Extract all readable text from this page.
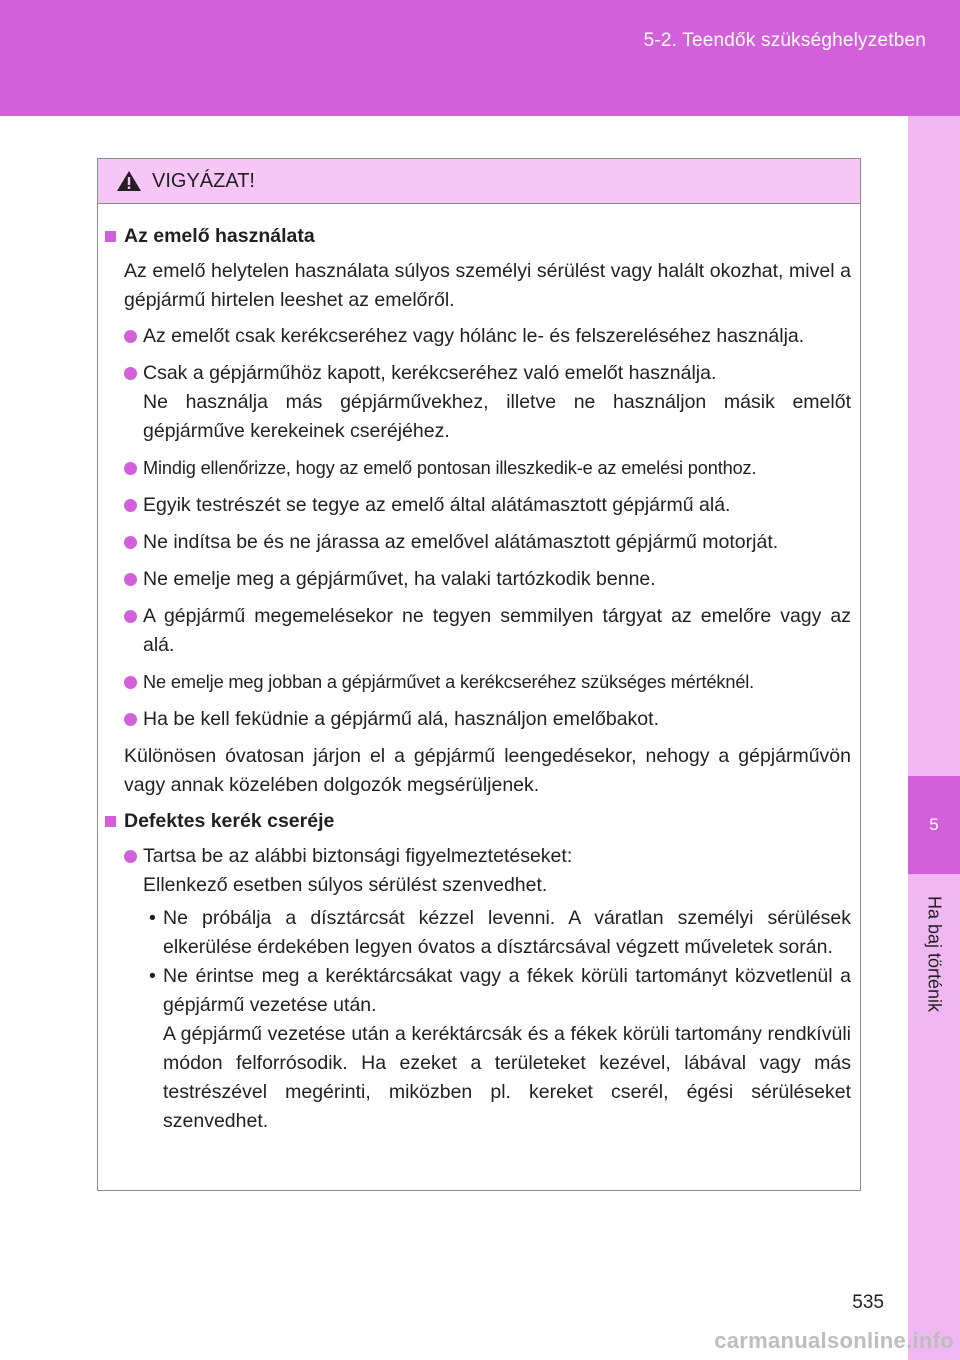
5-2. Teendők szükséghelyzetben
5
Ha baj történik
VIGYÁZAT!
Az emelő használata
Az emelő helytelen használata súlyos személyi sérülést vagy halált okozhat, mivel a gépjármű hirtelen leeshet az emelőről.
Az emelőt csak kerékcseréhez vagy hólánc le- és felszereléséhez használja.
Csak a gépjárműhöz kapott, kerékcseréhez való emelőt használja.
Ne használja más gépjárművekhez, illetve ne használjon másik emelőt gépjárműve kerekeinek cseréjéhez.
Mindig ellenőrizze, hogy az emelő pontosan illeszkedik-e az emelési ponthoz.
Egyik testrészét se tegye az emelő által alátámasztott gépjármű alá.
Ne indítsa be és ne járassa az emelővel alátámasztott gépjármű motorját.
Ne emelje meg a gépjárművet, ha valaki tartózkodik benne.
A gépjármű megemelésekor ne tegyen semmilyen tárgyat az emelőre vagy az alá.
Ne emelje meg jobban a gépjárművet a kerékcseréhez szükséges mértéknél.
Ha be kell feküdnie a gépjármű alá, használjon emelőbakot.
Különösen óvatosan járjon el a gépjármű leengedésekor, nehogy a gépjárművön vagy annak közelében dolgozók megsérüljenek.
Defektes kerék cseréje
Tartsa be az alábbi biztonsági figyelmeztetéseket:
Ellenkező esetben súlyos sérülést szenvedhet.
• Ne próbálja a dísztárcsát kézzel levenni. A váratlan személyi sérülések elkerülése érdekében legyen óvatos a dísztárcsával végzett műveletek során.
• Ne érintse meg a keréktárcsákat vagy a fékek körüli tartományt közvetlenül a gépjármű vezetése után.
A gépjármű vezetése után a keréktárcsák és a fékek körüli tartomány rendkívüli módon felforrósodik. Ha ezeket a területeket kezével, lábával vagy más testrészével megérinti, miközben pl. kereket cserél, égési sérüléseket szenvedhet.
535
carmanualsonline.info
